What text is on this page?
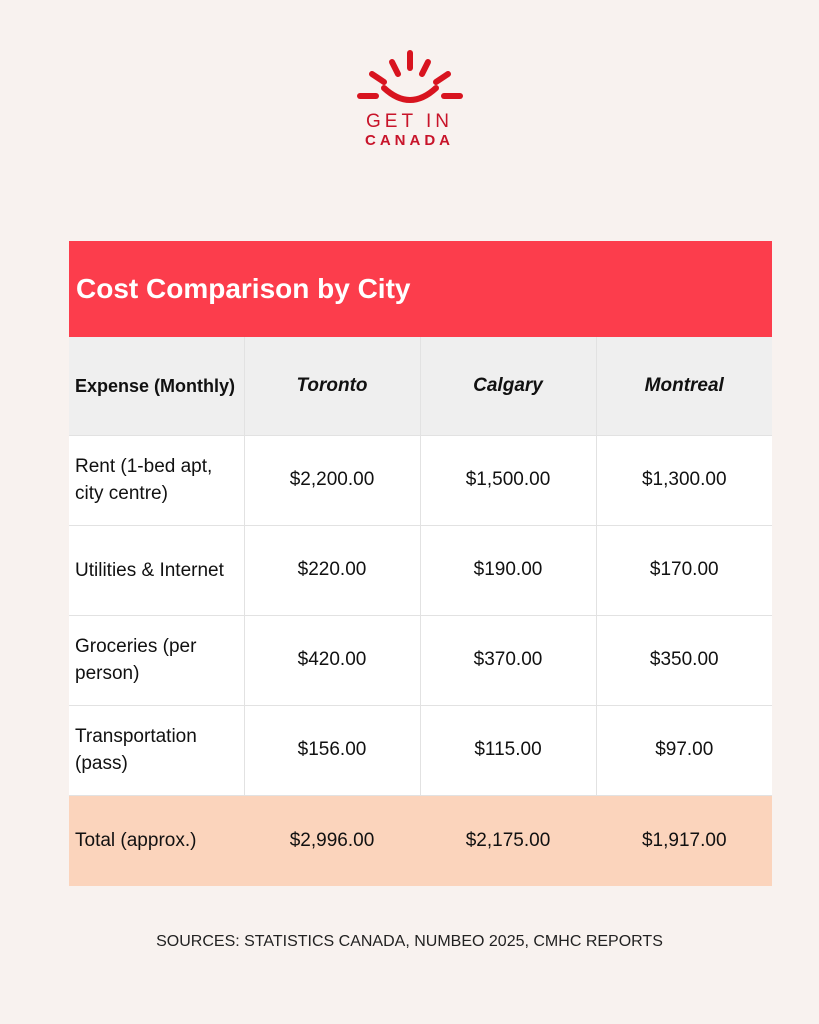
GET IN
CANADA
Cost Comparison by City
Expense (Monthly)	Toronto	Calgary	Montreal
Rent (1-bed apt, city centre)	$2,200.00	$1,500.00	$1,300.00
Utilities & Internet	$220.00	$190.00	$170.00
Groceries (per person)	$420.00	$370.00	$350.00
Transportation (pass)	$156.00	$115.00	$97.00
Total (approx.)	$2,996.00	$2,175.00	$1,917.00
SOURCES: STATISTICS CANADA, NUMBEO 2025, CMHC REPORTS
